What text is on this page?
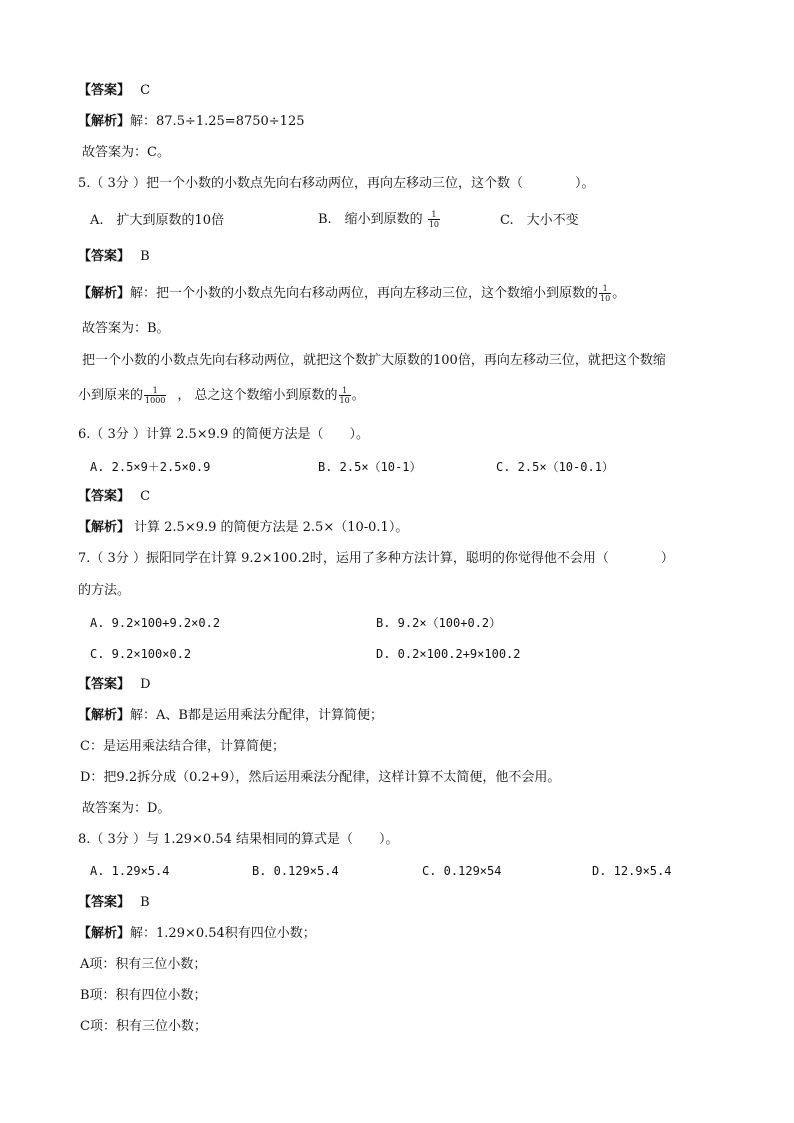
【答案】 C
【解析】解：87.5÷1.25=8750÷125
故答案为：C。
5.（ 3分 ）把一个小数的小数点先向右移动两位，再向左移动三位，这个数（　　　　）。
A.　扩大到原数的10倍	B.　缩小到原数的 $\frac{1}{10}$	C.　大小不变
【答案】 B
【解析】解：把一个小数的小数点先向右移动两位，再向左移动三位，这个数缩小到原数的 $\frac{1}{10}$ 。
故答案为：B。
把一个小数的小数点先向右移动两位，就把这个数扩大原数的100倍，再向左移动三位，就把这个数缩
小到原来的 $\frac{1}{1000}$ ， 总之这个数缩小到原数的 $\frac{1}{10}$ 。
6.（ 3分 ）计算 2.5×9.9 的简便方法是（　　）。
A. 2.5×9＋2.5×0.9	B. 2.5×（10-1）	C. 2.5×（10-0.1）
【答案】 C
【解析】 计算 2.5×9.9 的简便方法是 2.5×（10-0.1）。
7.（ 3分 ）振阳同学在计算 9.2×100.2时，运用了多种方法计算，聪明的你觉得他不会用（　　　　）
的方法。
A. 9.2×100+9.2×0.2	B. 9.2×（100+0.2）
C. 9.2×100×0.2	D. 0.2×100.2+9×100.2
【答案】 D
【解析】解：A、B都是运用乘法分配律，计算简便；
C：是运用乘法结合律，计算简便；
D：把9.2拆分成（0.2+9），然后运用乘法分配律，这样计算不太简便，他不会用。
故答案为：D。
8.（ 3分 ）与 1.29×0.54 结果相同的算式是（　　）。
A. 1.29×5.4	B. 0.129×5.4	C. 0.129×54	D. 12.9×5.4
【答案】 B
【解析】解：1.29×0.54积有四位小数；
A项：积有三位小数；
B项：积有四位小数；
C项：积有三位小数；
